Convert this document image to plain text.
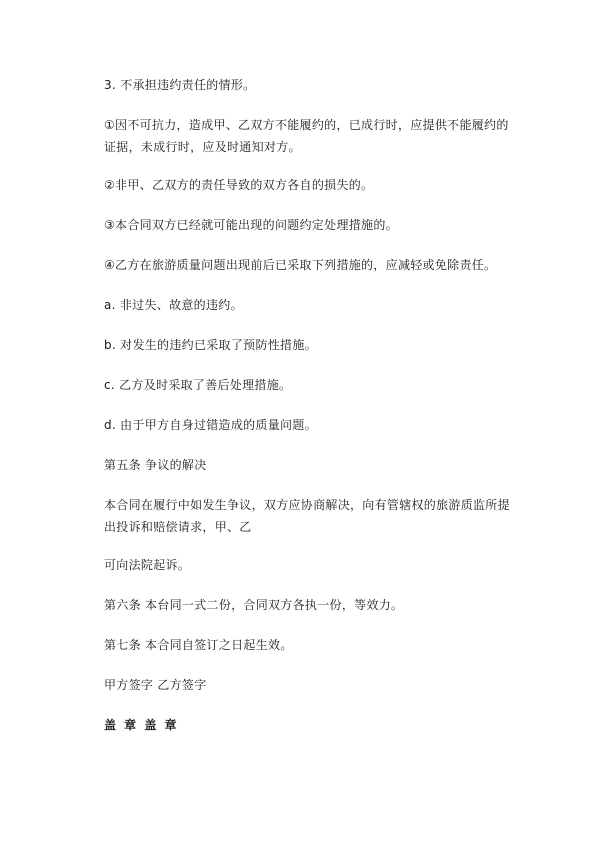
3. 不承担违约责任的情形。
①因不可抗力，造成甲、乙双方不能履约的，已成行时，应提供不能履约的证据，未成行时，应及时通知对方。
②非甲、乙双方的责任导致的双方各自的损失的。
③本合同双方已经就可能出现的问题约定处理措施的。
④乙方在旅游质量问题出现前后已采取下列措施的，应减轻或免除责任。
a. 非过失、故意的违约。
b. 对发生的违约已采取了预防性措施。
c. 乙方及时采取了善后处理措施。
d. 由于甲方自身过错造成的质量问题。
第五条 争议的解决
本合同在履行中如发生争议，双方应协商解决，向有管辖权的旅游质监所提出投诉和赔偿请求，甲、乙
可向法院起诉。
第六条 本台同一式二份，合同双方各执一份，等效力。
第七条 本合同自签订之日起生效。
甲方签字 乙方签字
盖 章 盖 章
